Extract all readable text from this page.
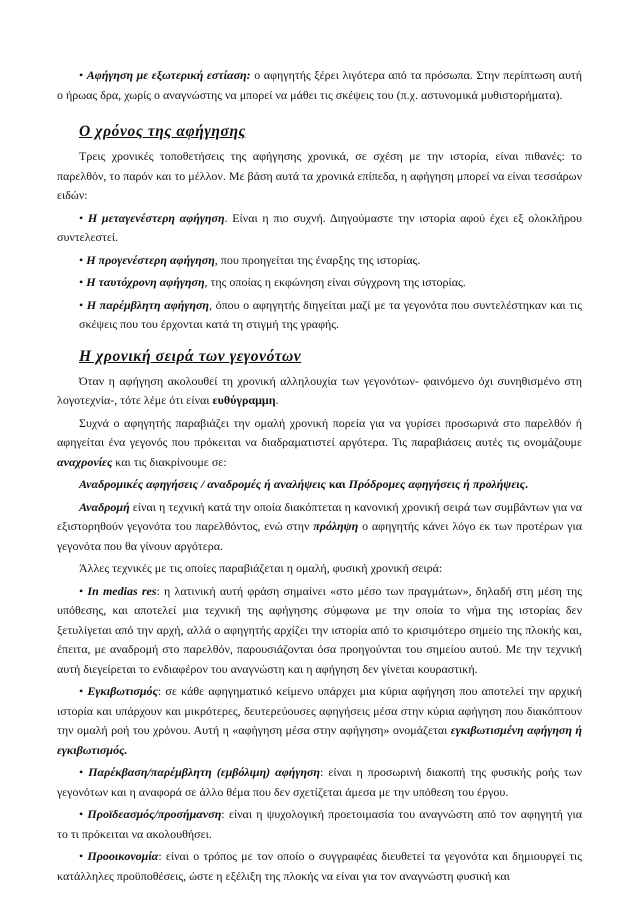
• Αφήγηση με εξωτερική εστίαση: ο αφηγητής ξέρει λιγότερα από τα πρόσωπα. Στην περίπτωση αυτή ο ήρωας δρα, χωρίς ο αναγνώστης να μπορεί να μάθει τις σκέψεις του (π.χ. αστυνομικά μυθιστορήματα).

Ο χρόνος της αφήγησης

Τρεις χρονικές τοποθετήσεις της αφήγησης χρονικά, σε σχέση με την ιστορία, είναι πιθανές: το παρελθόν, το παρόν και το μέλλον. Με βάση αυτά τα χρονικά επίπεδα, η αφήγηση μπορεί να είναι τεσσάρων ειδών:

• Η μεταγενέστερη αφήγηση. Είναι η πιο συχνή. Διηγούμαστε την ιστορία αφού έχει εξ ολοκλήρου συντελεστεί.

• Η προγενέστερη αφήγηση, που προηγείται της έναρξης της ιστορίας.

• Η ταυτόχρονη αφήγηση, της οποίας η εκφώνηση είναι σύγχρονη της ιστορίας.

• Η παρέμβλητη αφήγηση, όπου ο αφηγητής διηγείται μαζί με τα γεγονότα που συντελέστηκαν και τις σκέψεις που του έρχονται κατά τη στιγμή της γραφής.

Η χρονική σειρά των γεγονότων

Όταν η αφήγηση ακολουθεί τη χρονική αλληλουχία των γεγονότων- φαινόμενο όχι συνηθισμένο στη λογοτεχνία-, τότε λέμε ότι είναι ευθύγραμμη.

Συχνά ο αφηγητής παραβιάζει την ομαλή χρονική πορεία για να γυρίσει προσωρινά στο παρελθόν ή αφηγείται ένα γεγονός που πρόκειται να διαδραματιστεί αργότερα. Τις παραβιάσεις αυτές τις ονομάζουμε αναχρονίες και τις διακρίνουμε σε:

Αναδρομικές αφηγήσεις / αναδρομές ή αναλήψεις και Πρόδρομες αφηγήσεις ή προλήψεις.

Αναδρομή είναι η τεχνική κατά την οποία διακόπτεται η κανονική χρονική σειρά των συμβάντων για να εξιστορηθούν γεγονότα του παρελθόντος, ενώ στην πρόληψη ο αφηγητής κάνει λόγο εκ των προτέρων για γεγονότα που θα γίνουν αργότερα.

Άλλες τεχνικές με τις οποίες παραβιάζεται η ομαλή, φυσική χρονική σειρά:

• In medias res: η λατινική αυτή φράση σημαίνει «στο μέσο των πραγμάτων», δηλαδή στη μέση της υπόθεσης, και αποτελεί μια τεχνική της αφήγησης σύμφωνα με την οποία το νήμα της ιστορίας δεν ξετυλίγεται από την αρχή, αλλά ο αφηγητής αρχίζει την ιστορία από το κρισιμότερο σημείο της πλοκής και, έπειτα, με αναδρομή στο παρελθόν, παρουσιάζονται όσα προηγούνται του σημείου αυτού. Με την τεχνική αυτή διεγείρεται το ενδιαφέρον του αναγνώστη και η αφήγηση δεν γίνεται κουραστική.

• Εγκιβωτισμός: σε κάθε αφηγηματικό κείμενο υπάρχει μια κύρια αφήγηση που αποτελεί την αρχική ιστορία και υπάρχουν και μικρότερες, δευτερεύουσες αφηγήσεις μέσα στην κύρια αφήγηση που διακόπτουν την ομαλή ροή του χρόνου. Αυτή η «αφήγηση μέσα στην αφήγηση» ονομάζεται εγκιβωτισμένη αφήγηση ή εγκιβωτισμός.

• Παρέκβαση/παρέμβλητη (εμβόλιμη) αφήγηση: είναι η προσωρινή διακοπή της φυσικής ροής των γεγονότων και η αναφορά σε άλλο θέμα που δεν σχετίζεται άμεσα με την υπόθεση του έργου.

• Προϊδεασμός/προσήμανση: είναι η ψυχολογική προετοιμασία του αναγνώστη από τον αφηγητή για το τι πρόκειται να ακολουθήσει.

• Προοικονομία: είναι ο τρόπος με τον οποίο ο συγγραφέας διευθετεί τα γεγονότα και δημιουργεί τις κατάλληλες προϋποθέσεις, ώστε η εξέλιξη της πλοκής να είναι για τον αναγνώστη φυσική και
